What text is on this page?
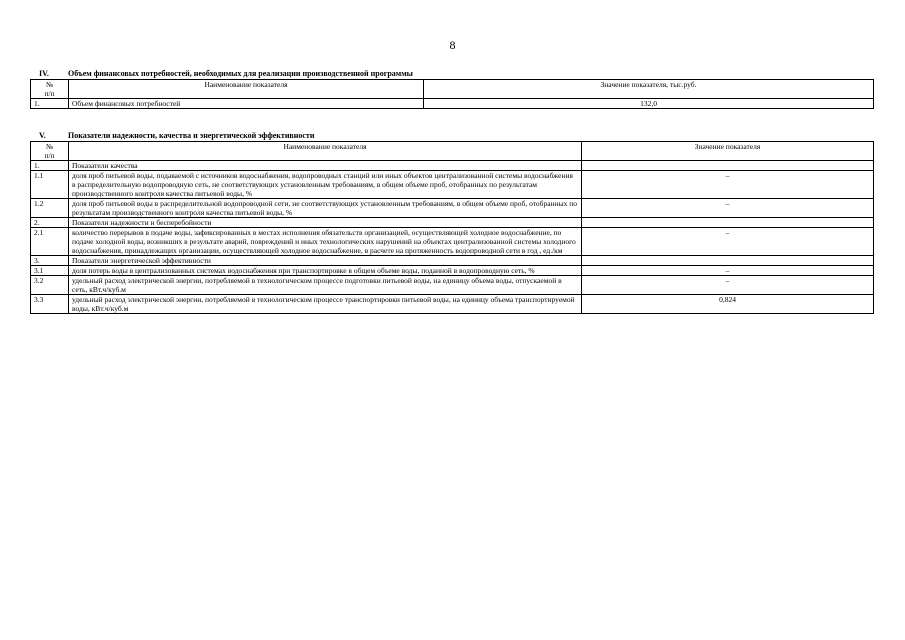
8
IV.	Объем финансовых потребностей, необходимых для реализации производственной программы
№
п/п	Наименование показателя	Значение показателя, тыс.руб.
1.	Объем финансовых потребностей	132,0
V.	Показатели надежности, качества и энергетической эффективности
№
п/п	Наименование показателя	Значение показателя
1.	Показатели качества	
1.1	доля проб питьевой воды, подаваемой с источников водоснабжения, водопроводных станций или иных объектов централизованной системы водоснабжения в распределительную водопроводную сеть, не соответствующих установленным требованиям, в общем объеме проб, отобранных по результатам производственного контроля качества питьевой воды, %	–
1.2	доля проб питьевой воды в распределительной водопроводной сети, не соответствующих установленным требованиям, в общем объеме проб, отобранных по результатам производственного контроля качества питьевой воды, %	–
2.	Показатели надежности и бесперебойности	
2.1	количество перерывов в подаче воды, зафиксированных в местах исполнения обязательств организацией, осуществляющей холодное водоснабжение, по подаче холодной воды, возникших в результате аварий, повреждений и иных технологических нарушений на объектах централизованной системы холодного водоснабжения, принадлежащих организации, осуществляющей холодное водоснабжение, в расчете на протяженность водопроводной сети в год , ед./км	–
3.	Показатели энергетической эффективности	
3.1	доля потерь воды в централизованных системах водоснабжения при транспортировке в общем объеме воды, поданной в водопроводную сеть, %	–
3.2	удельный расход электрической энергии, потребляемой в технологическом процессе подготовки питьевой воды, на единицу объема воды, отпускаемой в сеть, кВт.ч/куб.м	–
3.3	удельный расход электрической энергии, потребляемой в технологическом процессе транспортировки питьевой воды, на единицу объема транспортируемой воды, кВт.ч/куб.м	0,824
